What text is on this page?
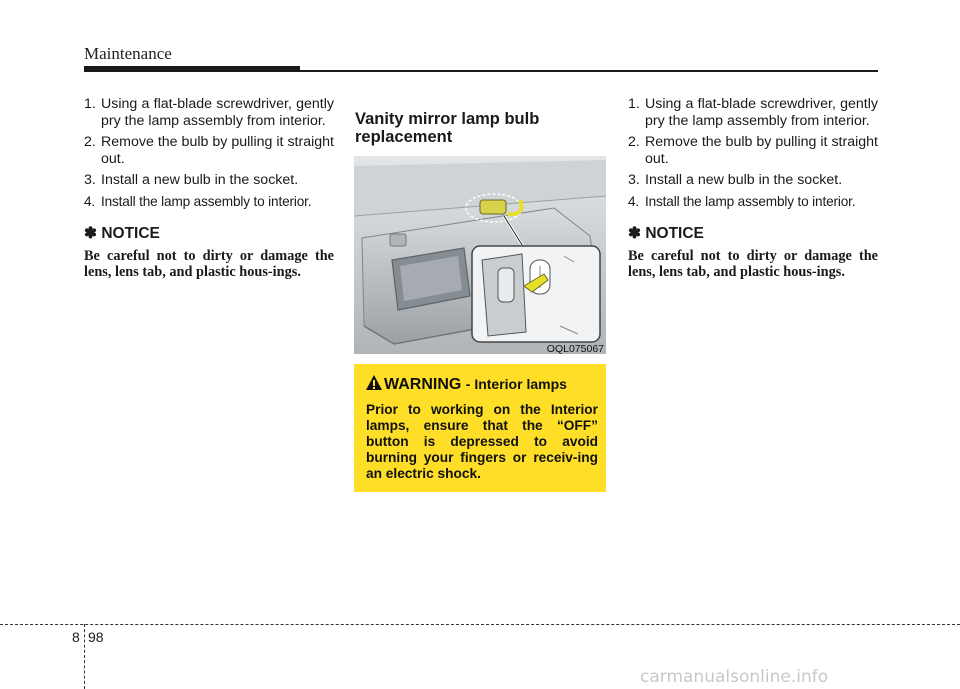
Maintenance
1. Using a flat-blade screwdriver, gently pry the lamp assembly from interior.
2. Remove the bulb by pulling it straight out.
3. Install a new bulb in the socket.
4. Install the lamp assembly to interior.
✽ NOTICE
Be careful not to dirty or damage the lens, lens tab, and plastic hous-ings.
Vanity mirror lamp bulb replacement
OQL075067
WARNING - Interior lamps
Prior to working on the Interior lamps, ensure that the “OFF” button is depressed to avoid burning your fingers or receiv-ing an electric shock.
1. Using a flat-blade screwdriver, gently pry the lamp assembly from interior.
2. Remove the bulb by pulling it straight out.
3. Install a new bulb in the socket.
4. Install the lamp assembly to interior.
✽ NOTICE
Be careful not to dirty or damage the lens, lens tab, and plastic hous-ings.
8 98
carmanualsonline.info
